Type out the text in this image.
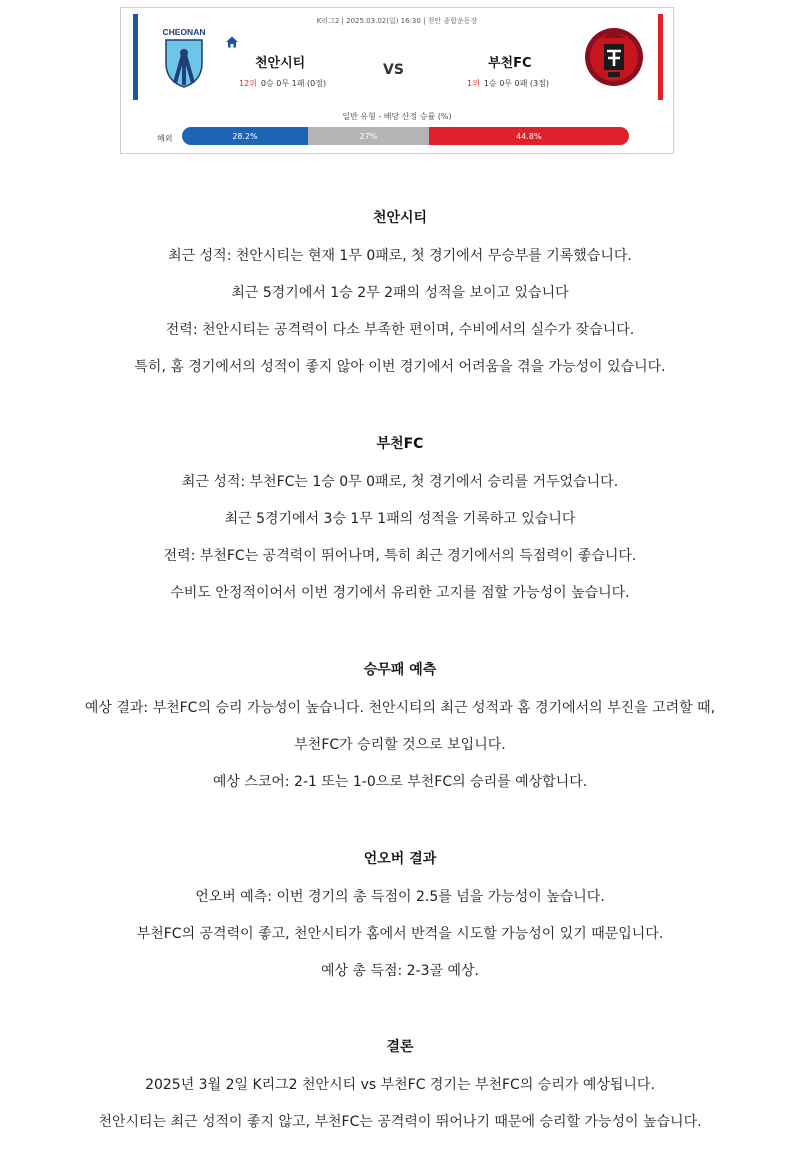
K리그2 | 2025.03.02(일) 16:30 | 천안 종합운동장
CHEONAN
천안시티
12위 0승 0무 1패 (0점)
VS	부천FC
1위 1승 0무 0패 (3점)
일반 유형 - 배당 산정 승률 (%)
해외	28.2%	27%	44.8%

천안시티

최근 성적: 천안시티는 현재 1무 0패로, 첫 경기에서 무승부를 기록했습니다.

최근 5경기에서 1승 2무 2패의 성적을 보이고 있습니다

전력: 천안시티는 공격력이 다소 부족한 편이며, 수비에서의 실수가 잦습니다.

특히, 홈 경기에서의 성적이 좋지 않아 이번 경기에서 어려움을 겪을 가능성이 있습니다.

부천FC

최근 성적: 부천FC는 1승 0무 0패로, 첫 경기에서 승리를 거두었습니다.

최근 5경기에서 3승 1무 1패의 성적을 기록하고 있습니다

전력: 부천FC는 공격력이 뛰어나며, 특히 최근 경기에서의 득점력이 좋습니다.

수비도 안정적이어서 이번 경기에서 유리한 고지를 점할 가능성이 높습니다.

승무패 예측

예상 결과: 부천FC의 승리 가능성이 높습니다. 천안시티의 최근 성적과 홈 경기에서의 부진을 고려할 때,

부천FC가 승리할 것으로 보입니다.

예상 스코어: 2-1 또는 1-0으로 부천FC의 승리를 예상합니다.

언오버 결과

언오버 예측: 이번 경기의 총 득점이 2.5를 넘을 가능성이 높습니다.

부천FC의 공격력이 좋고, 천안시티가 홈에서 반격을 시도할 가능성이 있기 때문입니다.

예상 총 득점: 2-3골 예상.

결론

2025년 3월 2일 K리그2 천안시티 vs 부천FC 경기는 부천FC의 승리가 예상됩니다.

천안시티는 최근 성적이 좋지 않고, 부천FC는 공격력이 뛰어나기 때문에 승리할 가능성이 높습니다.
